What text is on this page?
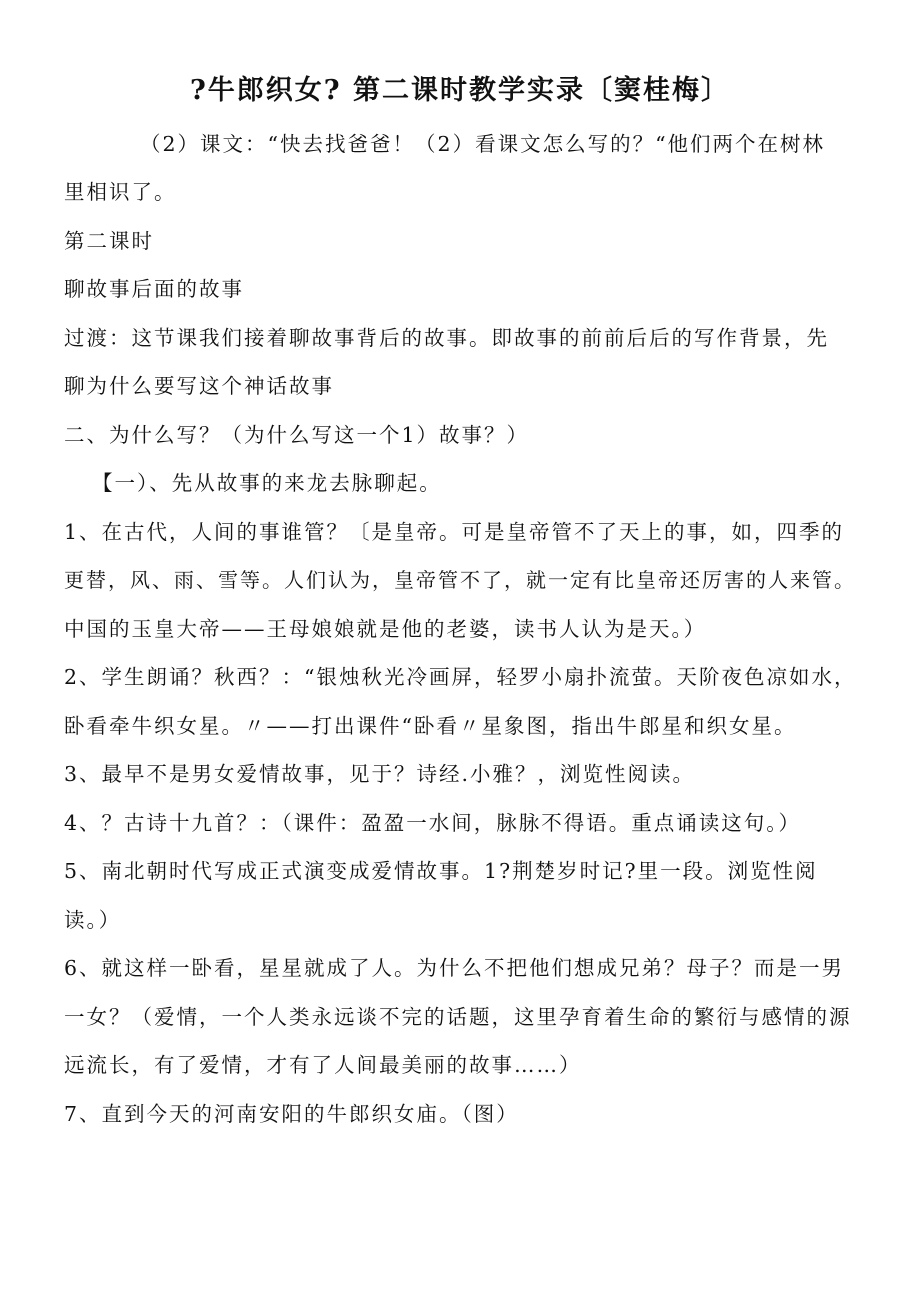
?牛郎织女? 第二课时教学实录〔窦桂梅〕
（2）课文：“快去找爸爸！（2）看课文怎么写的？“他们两个在树林
里相识了。
第二课时
聊故事后面的故事
过渡：这节课我们接着聊故事背后的故事。即故事的前前后后的写作背景，先
聊为什么要写这个神话故事
二、为什么写？（为什么写这一个1）故事？）
【一）、先从故事的来龙去脉聊起。
1、在古代，人间的事谁管？〔是皇帝。可是皇帝管不了天上的事，如，四季的
更替，风、雨、雪等。人们认为，皇帝管不了，就一定有比皇帝还厉害的人来管。
中国的玉皇大帝——王母娘娘就是他的老婆，读书人认为是天。）
2、学生朗诵？秋西？：“银烛秋光冷画屏，轻罗小扇扑流萤。天阶夜色凉如水，
卧看牵牛织女星。〃——打出课件“卧看〃星象图，指出牛郎星和织女星。
3、最早不是男女爱情故事，见于？诗经.小雅？，浏览性阅读。
4、？古诗十九首？：（课件：盈盈一水间，脉脉不得语。重点诵读这句。）
5、南北朝时代写成正式演变成爱情故事。1?荆楚岁时记?里一段。浏览性阅
读。）
6、就这样一卧看，星星就成了人。为什么不把他们想成兄弟？母子？而是一男
一女？（爱情，一个人类永远谈不完的话题，这里孕育着生命的繁衍与感情的源
远流长，有了爱情，才有了人间最美丽的故事……）
7、直到今天的河南安阳的牛郎织女庙。（图）
